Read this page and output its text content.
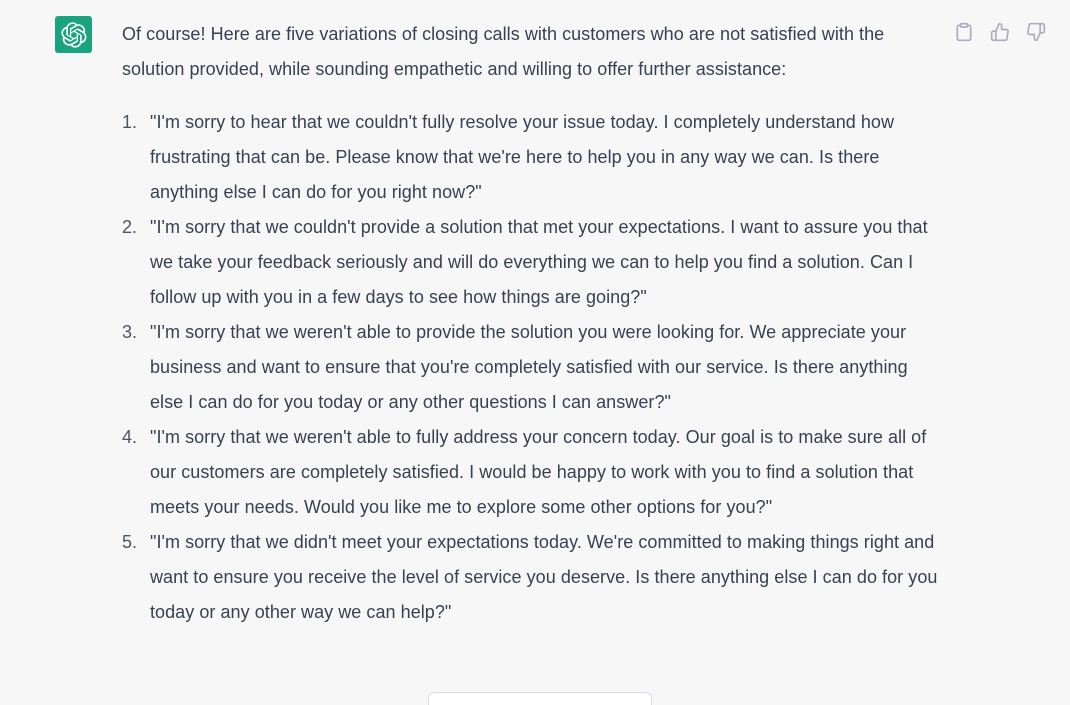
Of course! Here are five variations of closing calls with customers who are not satisfied with the solution provided, while sounding empathetic and willing to offer further assistance:

1. "I'm sorry to hear that we couldn't fully resolve your issue today. I completely understand how frustrating that can be. Please know that we're here to help you in any way we can. Is there anything else I can do for you right now?"
2. "I'm sorry that we couldn't provide a solution that met your expectations. I want to assure you that we take your feedback seriously and will do everything we can to help you find a solution. Can I follow up with you in a few days to see how things are going?"
3. "I'm sorry that we weren't able to provide the solution you were looking for. We appreciate your business and want to ensure that you're completely satisfied with our service. Is there anything else I can do for you today or any other questions I can answer?"
4. "I'm sorry that we weren't able to fully address your concern today. Our goal is to make sure all of our customers are completely satisfied. I would be happy to work with you to find a solution that meets your needs. Would you like me to explore some other options for you?"
5. "I'm sorry that we didn't meet your expectations today. We're committed to making things right and want to ensure you receive the level of service you deserve. Is there anything else I can do for you today or any other way we can help?"
